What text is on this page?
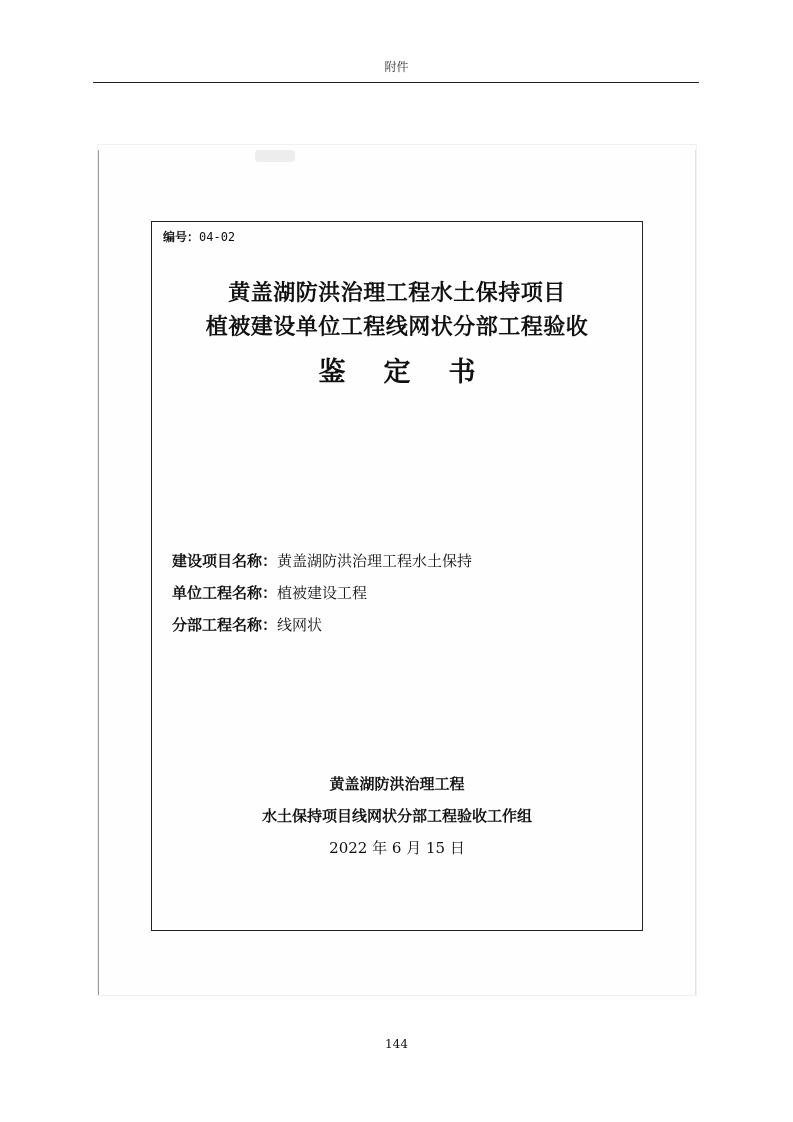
附件
编号：04-02
黄盖湖防洪治理工程水土保持项目
植被建设单位工程线网状分部工程验收
鉴定书
建设项目名称：黄盖湖防洪治理工程水土保持
单位工程名称：植被建设工程
分部工程名称：线网状
黄盖湖防洪治理工程
水土保持项目线网状分部工程验收工作组
2022 年 6 月 15 日
144
